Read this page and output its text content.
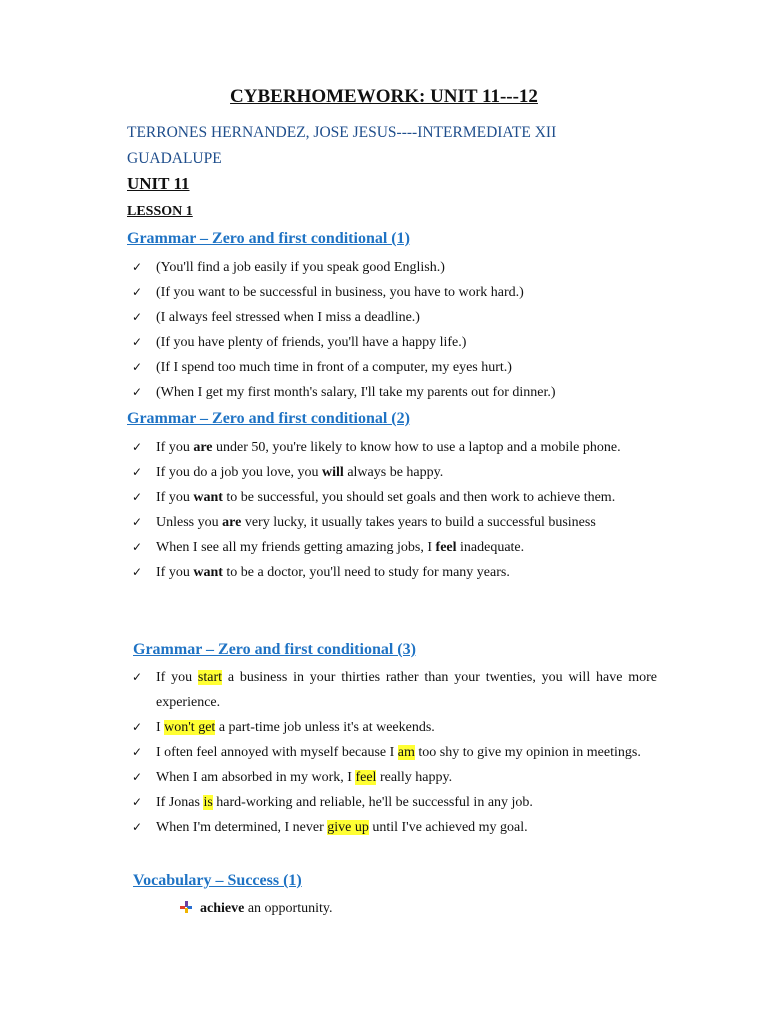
CYBERHOMEWORK: UNIT 11---12
TERRONES HERNANDEZ, JOSE JESUS----INTERMEDIATE XII
GUADALUPE
UNIT 11
LESSON 1
Grammar – Zero and first conditional (1)
✓ (You'll find a job easily if you speak good English.)
✓ (If you want to be successful in business, you have to work hard.)
✓ (I always feel stressed when I miss a deadline.)
✓ (If you have plenty of friends, you'll have a happy life.)
✓ (If I spend too much time in front of a computer, my eyes hurt.)
✓ (When I get my first month's salary, I'll take my parents out for dinner.)
Grammar – Zero and first conditional (2)
✓ If you are under 50, you're likely to know how to use a laptop and a mobile phone.
✓ If you do a job you love, you will always be happy.
✓ If you want to be successful, you should set goals and then work to achieve them.
✓ Unless you are very lucky, it usually takes years to build a successful business
✓ When I see all my friends getting amazing jobs, I feel inadequate.
✓ If you want to be a doctor, you'll need to study for many years.
Grammar – Zero and first conditional (3)
✓ If you start a business in your thirties rather than your twenties, you will have more experience.
✓ I won't get a part-time job unless it's at weekends.
✓ I often feel annoyed with myself because I am too shy to give my opinion in meetings.
✓ When I am absorbed in my work, I feel really happy.
✓ If Jonas is hard-working and reliable, he'll be successful in any job.
✓ When I'm determined, I never give up until I've achieved my goal.
Vocabulary – Success (1)
achieve an opportunity.
